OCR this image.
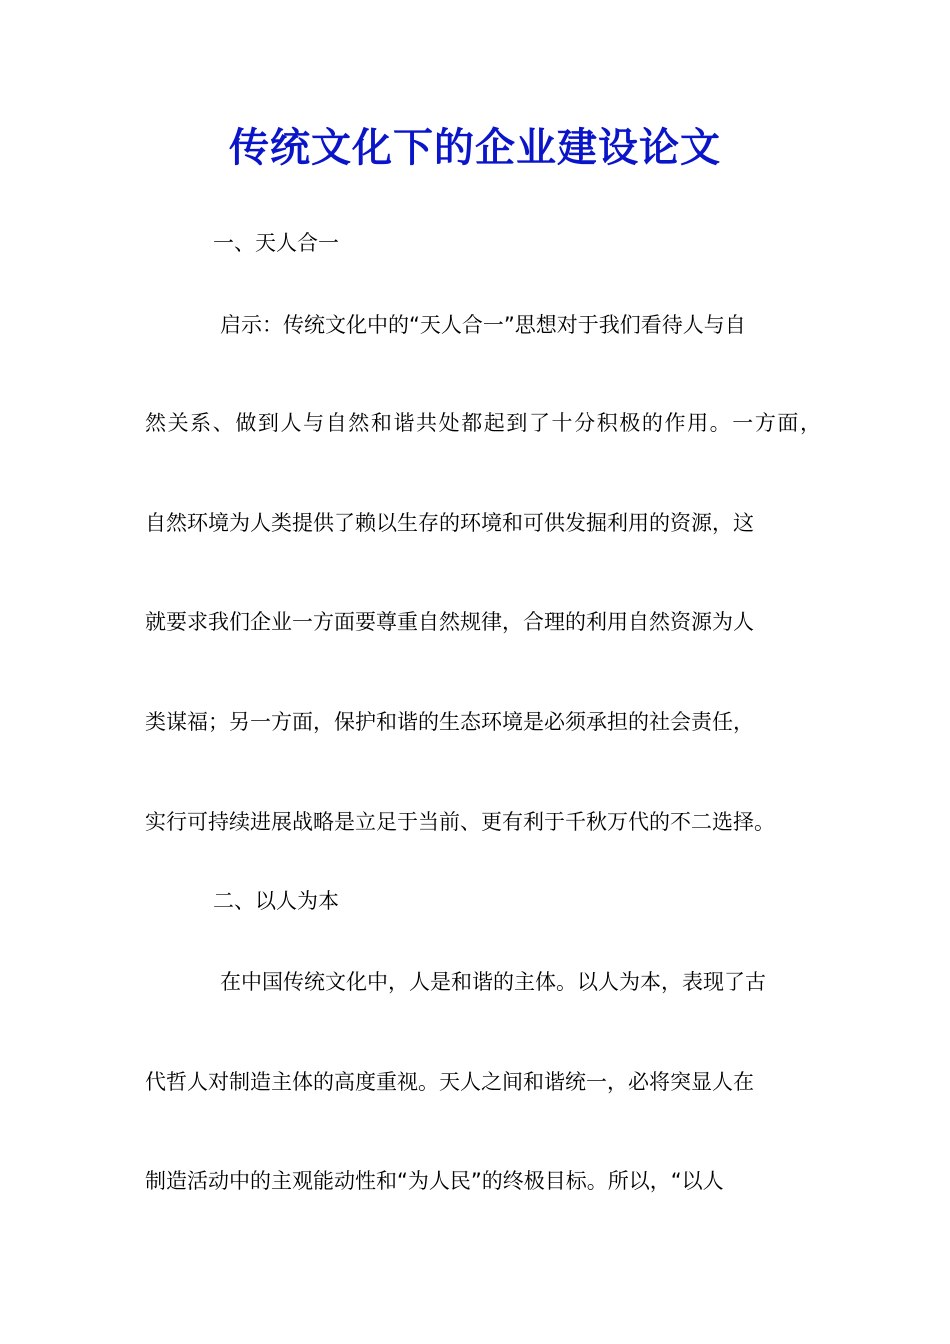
传统文化下的企业建设论文

一、天人合一

启示：传统文化中的“天人合一”思想对于我们看待人与自

然关系、做到人与自然和谐共处都起到了十分积极的作用。一方面，

自然环境为人类提供了赖以生存的环境和可供发掘利用的资源，这

就要求我们企业一方面要尊重自然规律，合理的利用自然资源为人

类谋福；另一方面，保护和谐的生态环境是必须承担的社会责任，

实行可持续进展战略是立足于当前、更有利于千秋万代的不二选择。

二、以人为本

在中国传统文化中，人是和谐的主体。以人为本，表现了古

代哲人对制造主体的高度重视。天人之间和谐统一，必将突显人在

制造活动中的主观能动性和“为人民”的终极目标。所以，“以人
